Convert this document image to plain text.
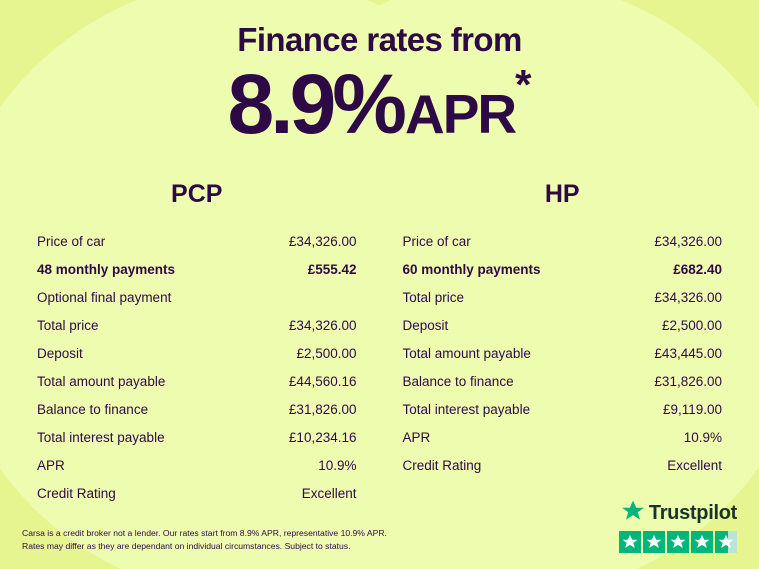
Finance rates from
8.9%APR*
PCP
Price of car	£34,326.00
48 monthly payments	£555.42
Optional final payment	
Total price	£34,326.00
Deposit	£2,500.00
Total amount payable	£44,560.16
Balance to finance	£31,826.00
Total interest payable	£10,234.16
APR	10.9%
Credit Rating	Excellent
HP
Price of car	£34,326.00
60 monthly payments	£682.40
Total price	£34,326.00
Deposit	£2,500.00
Total amount payable	£43,445.00
Balance to finance	£31,826.00
Total interest payable	£9,119.00
APR	10.9%
Credit Rating	Excellent
Carsa is a credit broker not a lender. Our rates start from 8.9% APR, representative 10.9% APR.
Rates may differ as they are dependant on individual circumstances. Subject to status.
Trustpilot
